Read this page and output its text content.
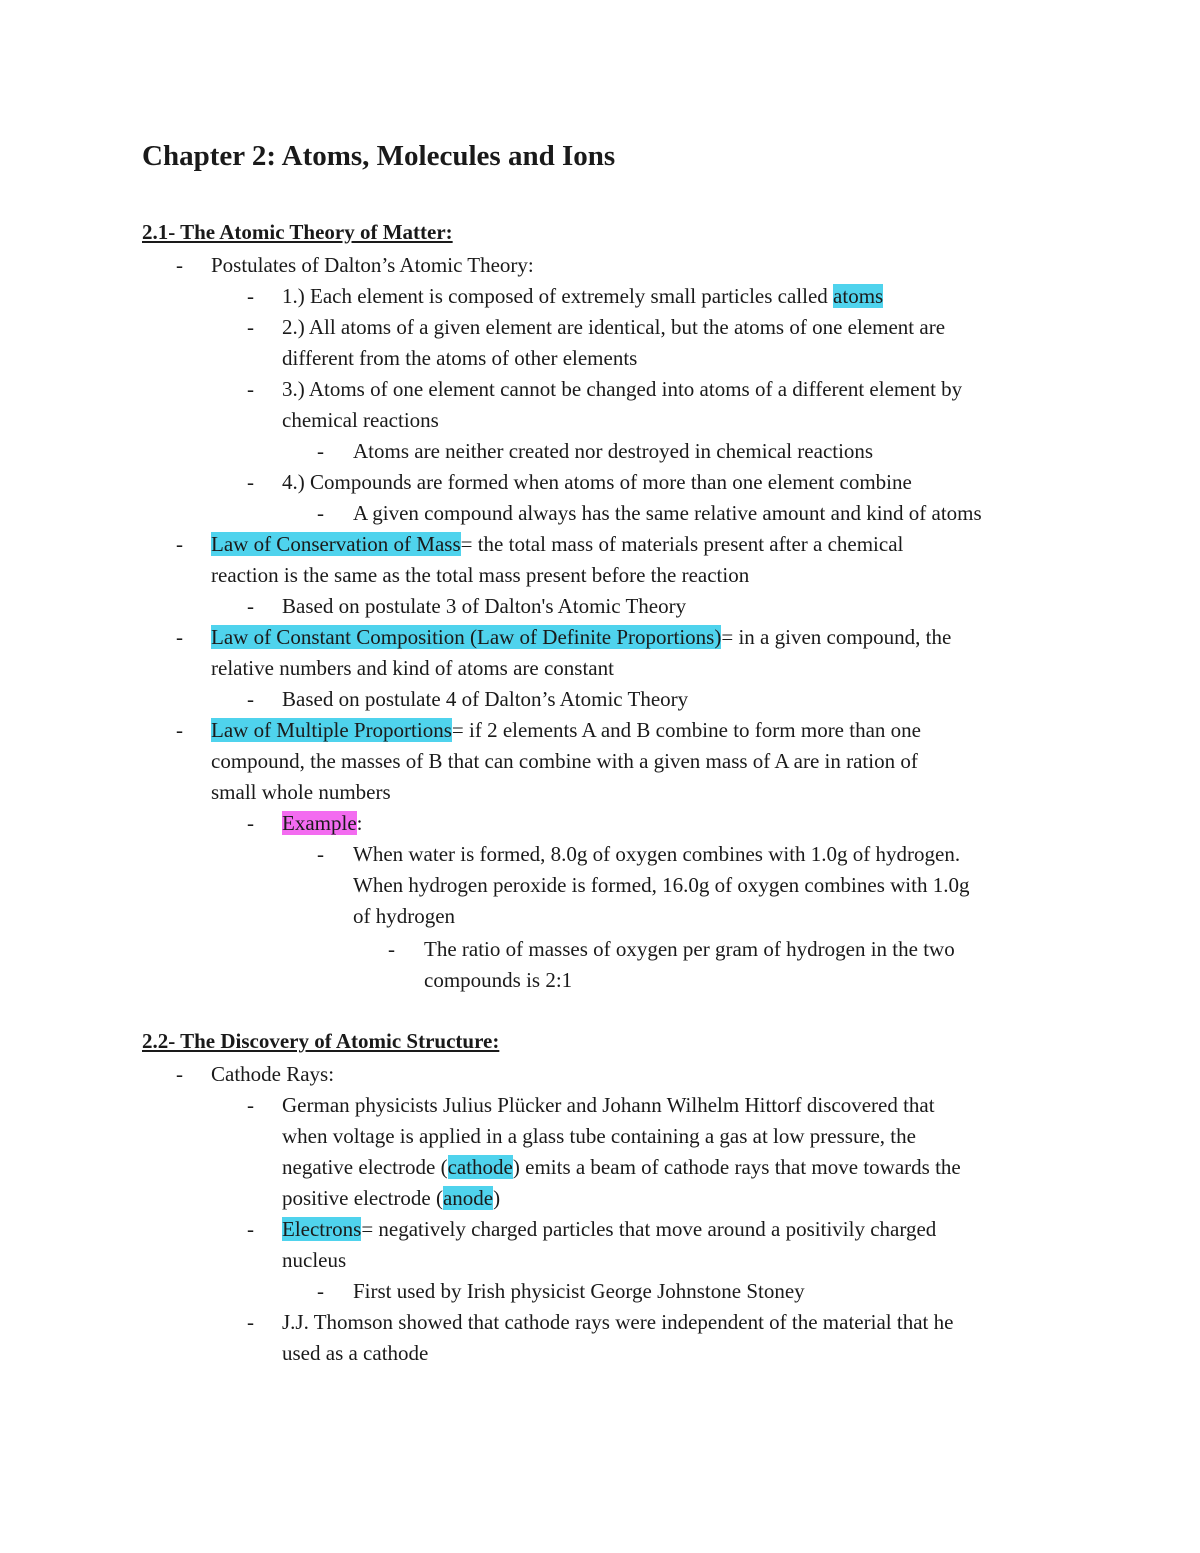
Chapter 2: Atoms, Molecules and Ions
2.1- The Atomic Theory of Matter:
- Postulates of Dalton’s Atomic Theory:
- 1.) Each element is composed of extremely small particles called atoms
- 2.) All atoms of a given element are identical, but the atoms of one element are
different from the atoms of other elements
- 3.) Atoms of one element cannot be changed into atoms of a different element by
chemical reactions
- Atoms are neither created nor destroyed in chemical reactions
- 4.) Compounds are formed when atoms of more than one element combine
- A given compound always has the same relative amount and kind of atoms
- Law of Conservation of Mass= the total mass of materials present after a chemical
reaction is the same as the total mass present before the reaction
- Based on postulate 3 of Dalton's Atomic Theory
- Law of Constant Composition (Law of Definite Proportions)= in a given compound, the
relative numbers and kind of atoms are constant
- Based on postulate 4 of Dalton’s Atomic Theory
- Law of Multiple Proportions= if 2 elements A and B combine to form more than one
compound, the masses of B that can combine with a given mass of A are in ration of
small whole numbers
- Example:
- When water is formed, 8.0g of oxygen combines with 1.0g of hydrogen.
When hydrogen peroxide is formed, 16.0g of oxygen combines with 1.0g
of hydrogen
- The ratio of masses of oxygen per gram of hydrogen in the two
compounds is 2:1
2.2- The Discovery of Atomic Structure:
- Cathode Rays:
- German physicists Julius Plücker and Johann Wilhelm Hittorf discovered that
when voltage is applied in a glass tube containing a gas at low pressure, the
negative electrode (cathode) emits a beam of cathode rays that move towards the
positive electrode (anode)
- Electrons= negatively charged particles that move around a positivily charged
nucleus
- First used by Irish physicist George Johnstone Stoney
- J.J. Thomson showed that cathode rays were independent of the material that he
used as a cathode
